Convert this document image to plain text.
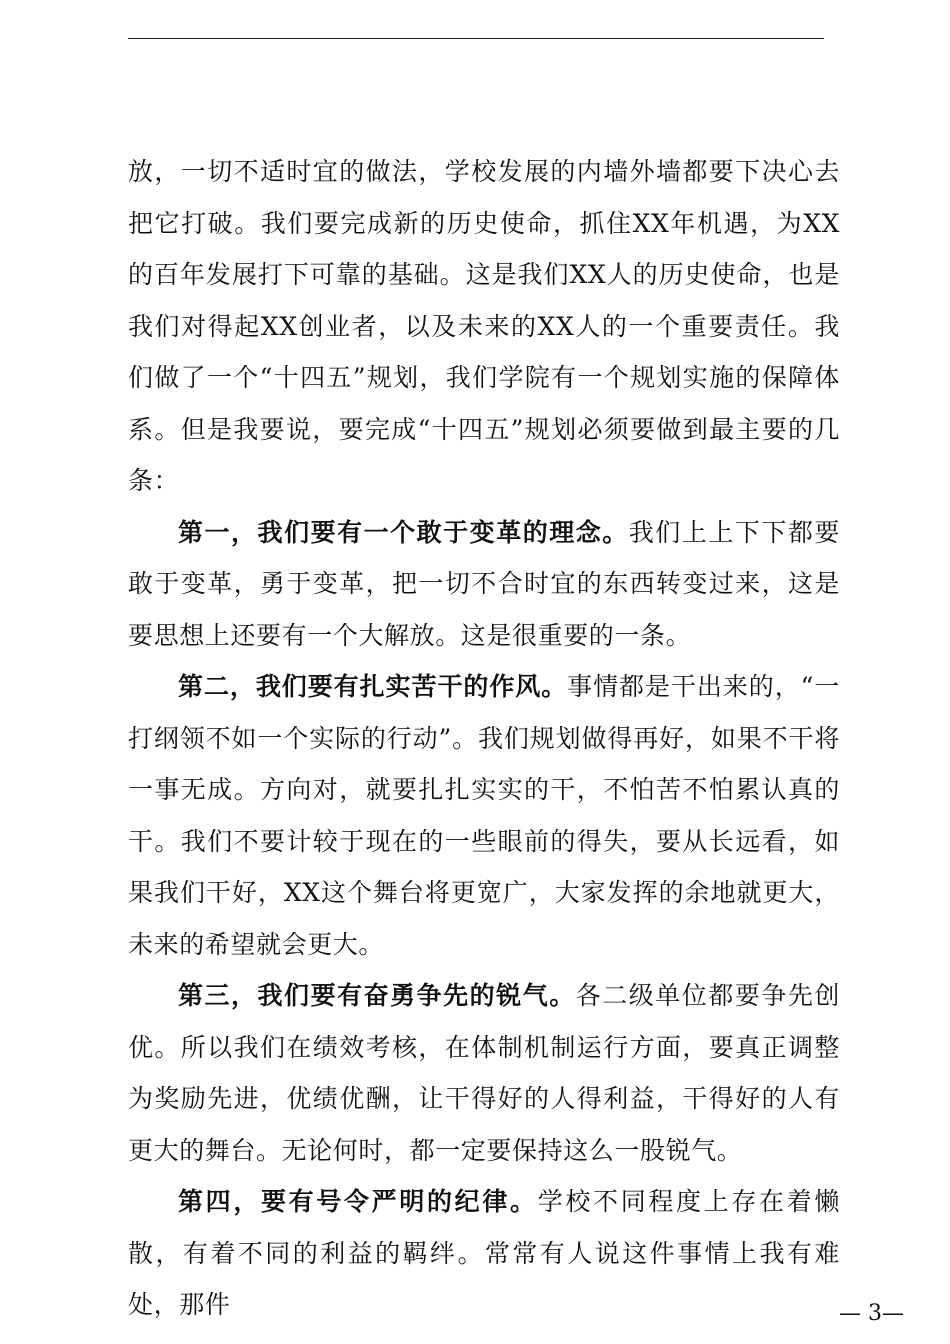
放，一切不适时宜的做法，学校发展的内墙外墙都要下决心去把它打破。我们要完成新的历史使命，抓住XX年机遇，为XX的百年发展打下可靠的基础。这是我们XX人的历史使命，也是我们对得起XX创业者，以及未来的XX人的一个重要责任。我们做了一个“十四五”规划，我们学院有一个规划实施的保障体系。但是我要说，要完成“十四五”规划必须要做到最主要的几条：

第一，我们要有一个敢于变革的理念。我们上上下下都要敢于变革，勇于变革，把一切不合时宜的东西转变过来，这是要思想上还要有一个大解放。这是很重要的一条。

第二，我们要有扎实苦干的作风。事情都是干出来的，“一打纲领不如一个实际的行动”。我们规划做得再好，如果不干将一事无成。方向对，就要扎扎实实的干，不怕苦不怕累认真的干。我们不要计较于现在的一些眼前的得失，要从长远看，如果我们干好，XX这个舞台将更宽广，大家发挥的余地就更大，未来的希望就会更大。

第三，我们要有奋勇争先的锐气。各二级单位都要争先创优。所以我们在绩效考核，在体制机制运行方面，要真正调整为奖励先进，优绩优酬，让干得好的人得利益，干得好的人有更大的舞台。无论何时，都一定要保持这么一股锐气。

第四，要有号令严明的纪律。学校不同程度上存在着懒散，有着不同的利益的羁绊。常常有人说这件事情上我有难处，那件	— 3—
